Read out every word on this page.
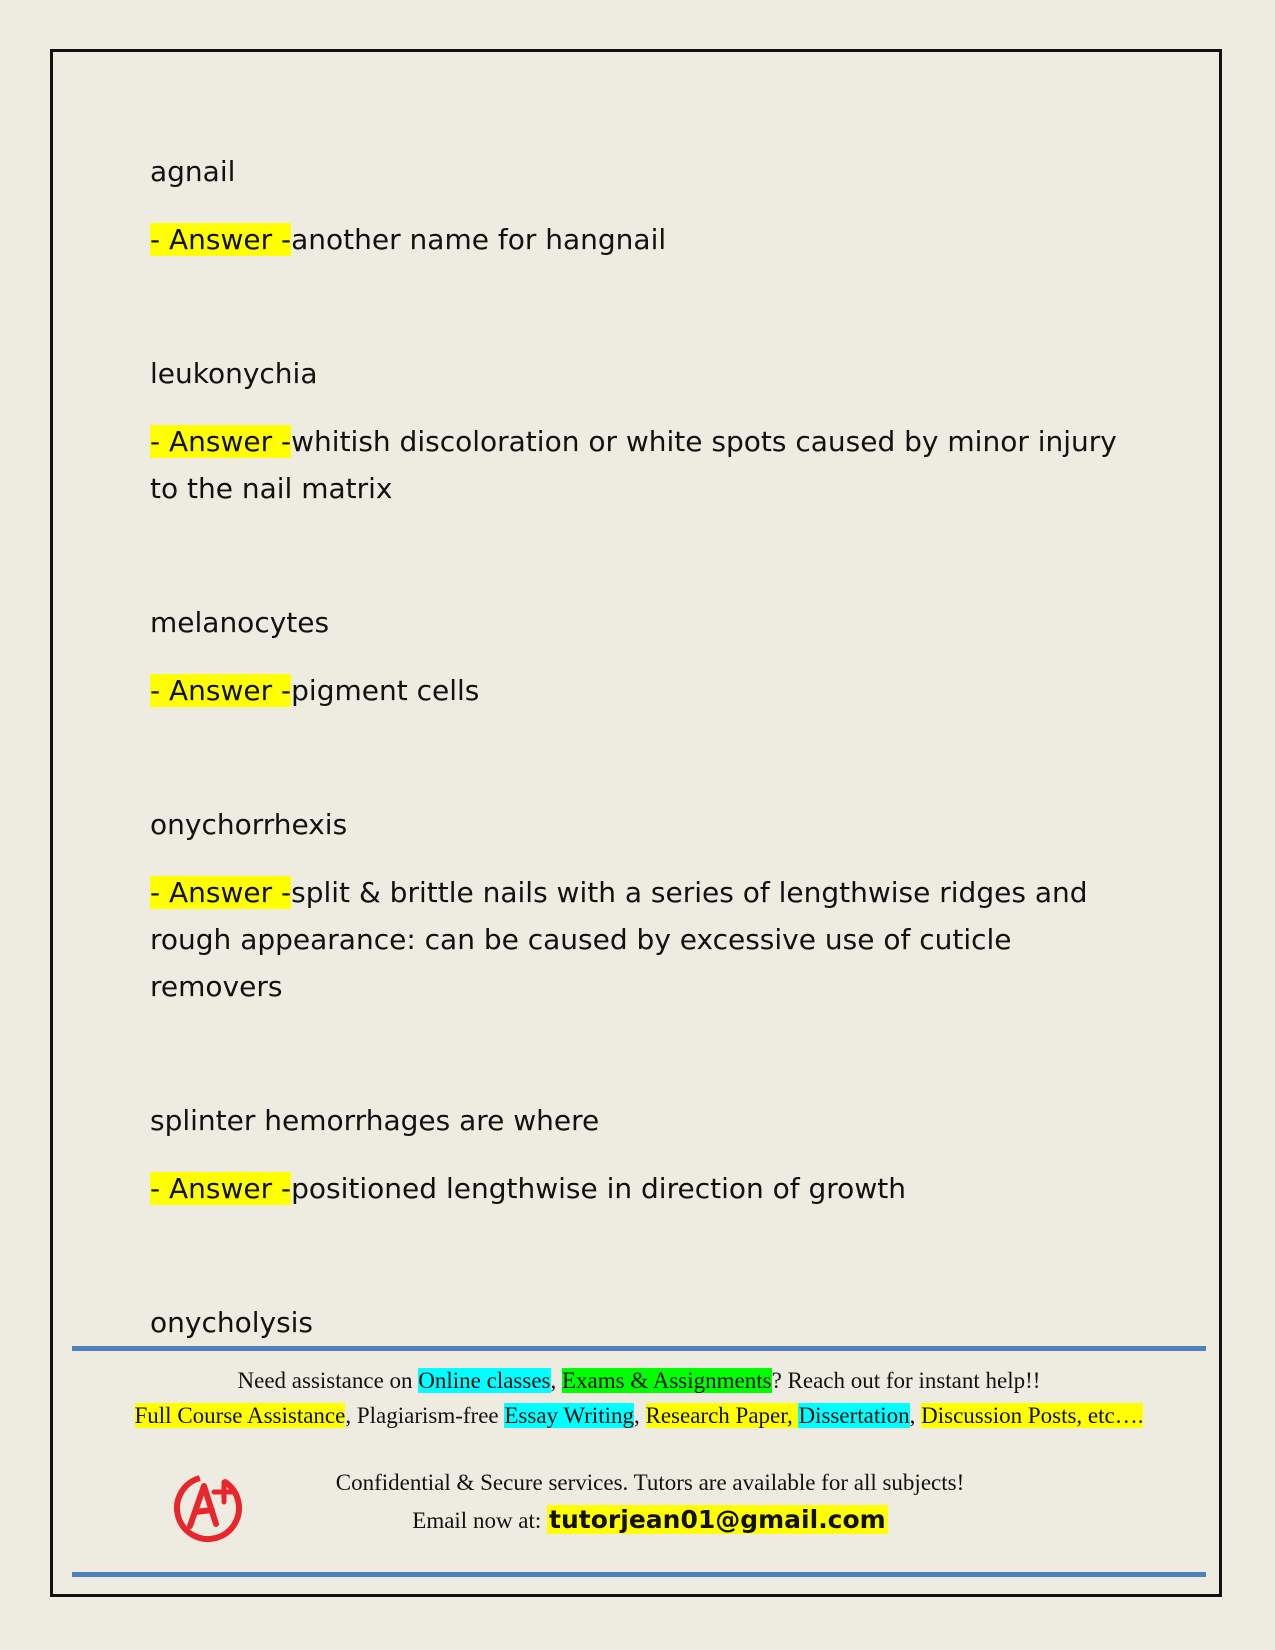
agnail

- Answer -another name for hangnail

leukonychia

- Answer -whitish discoloration or white spots caused by minor injury to the nail matrix

melanocytes

- Answer -pigment cells

onychorrhexis

- Answer -split & brittle nails with a series of lengthwise ridges and rough appearance: can be caused by excessive use of cuticle removers

splinter hemorrhages are where

- Answer -positioned lengthwise in direction of growth

onycholysis

Need assistance on Online classes, Exams & Assignments? Reach out for instant help!!
Full Course Assistance, Plagiarism-free Essay Writing, Research Paper, Dissertation, Discussion Posts, etc….
Confidential & Secure services. Tutors are available for all subjects!
Email now at: tutorjean01@gmail.com
